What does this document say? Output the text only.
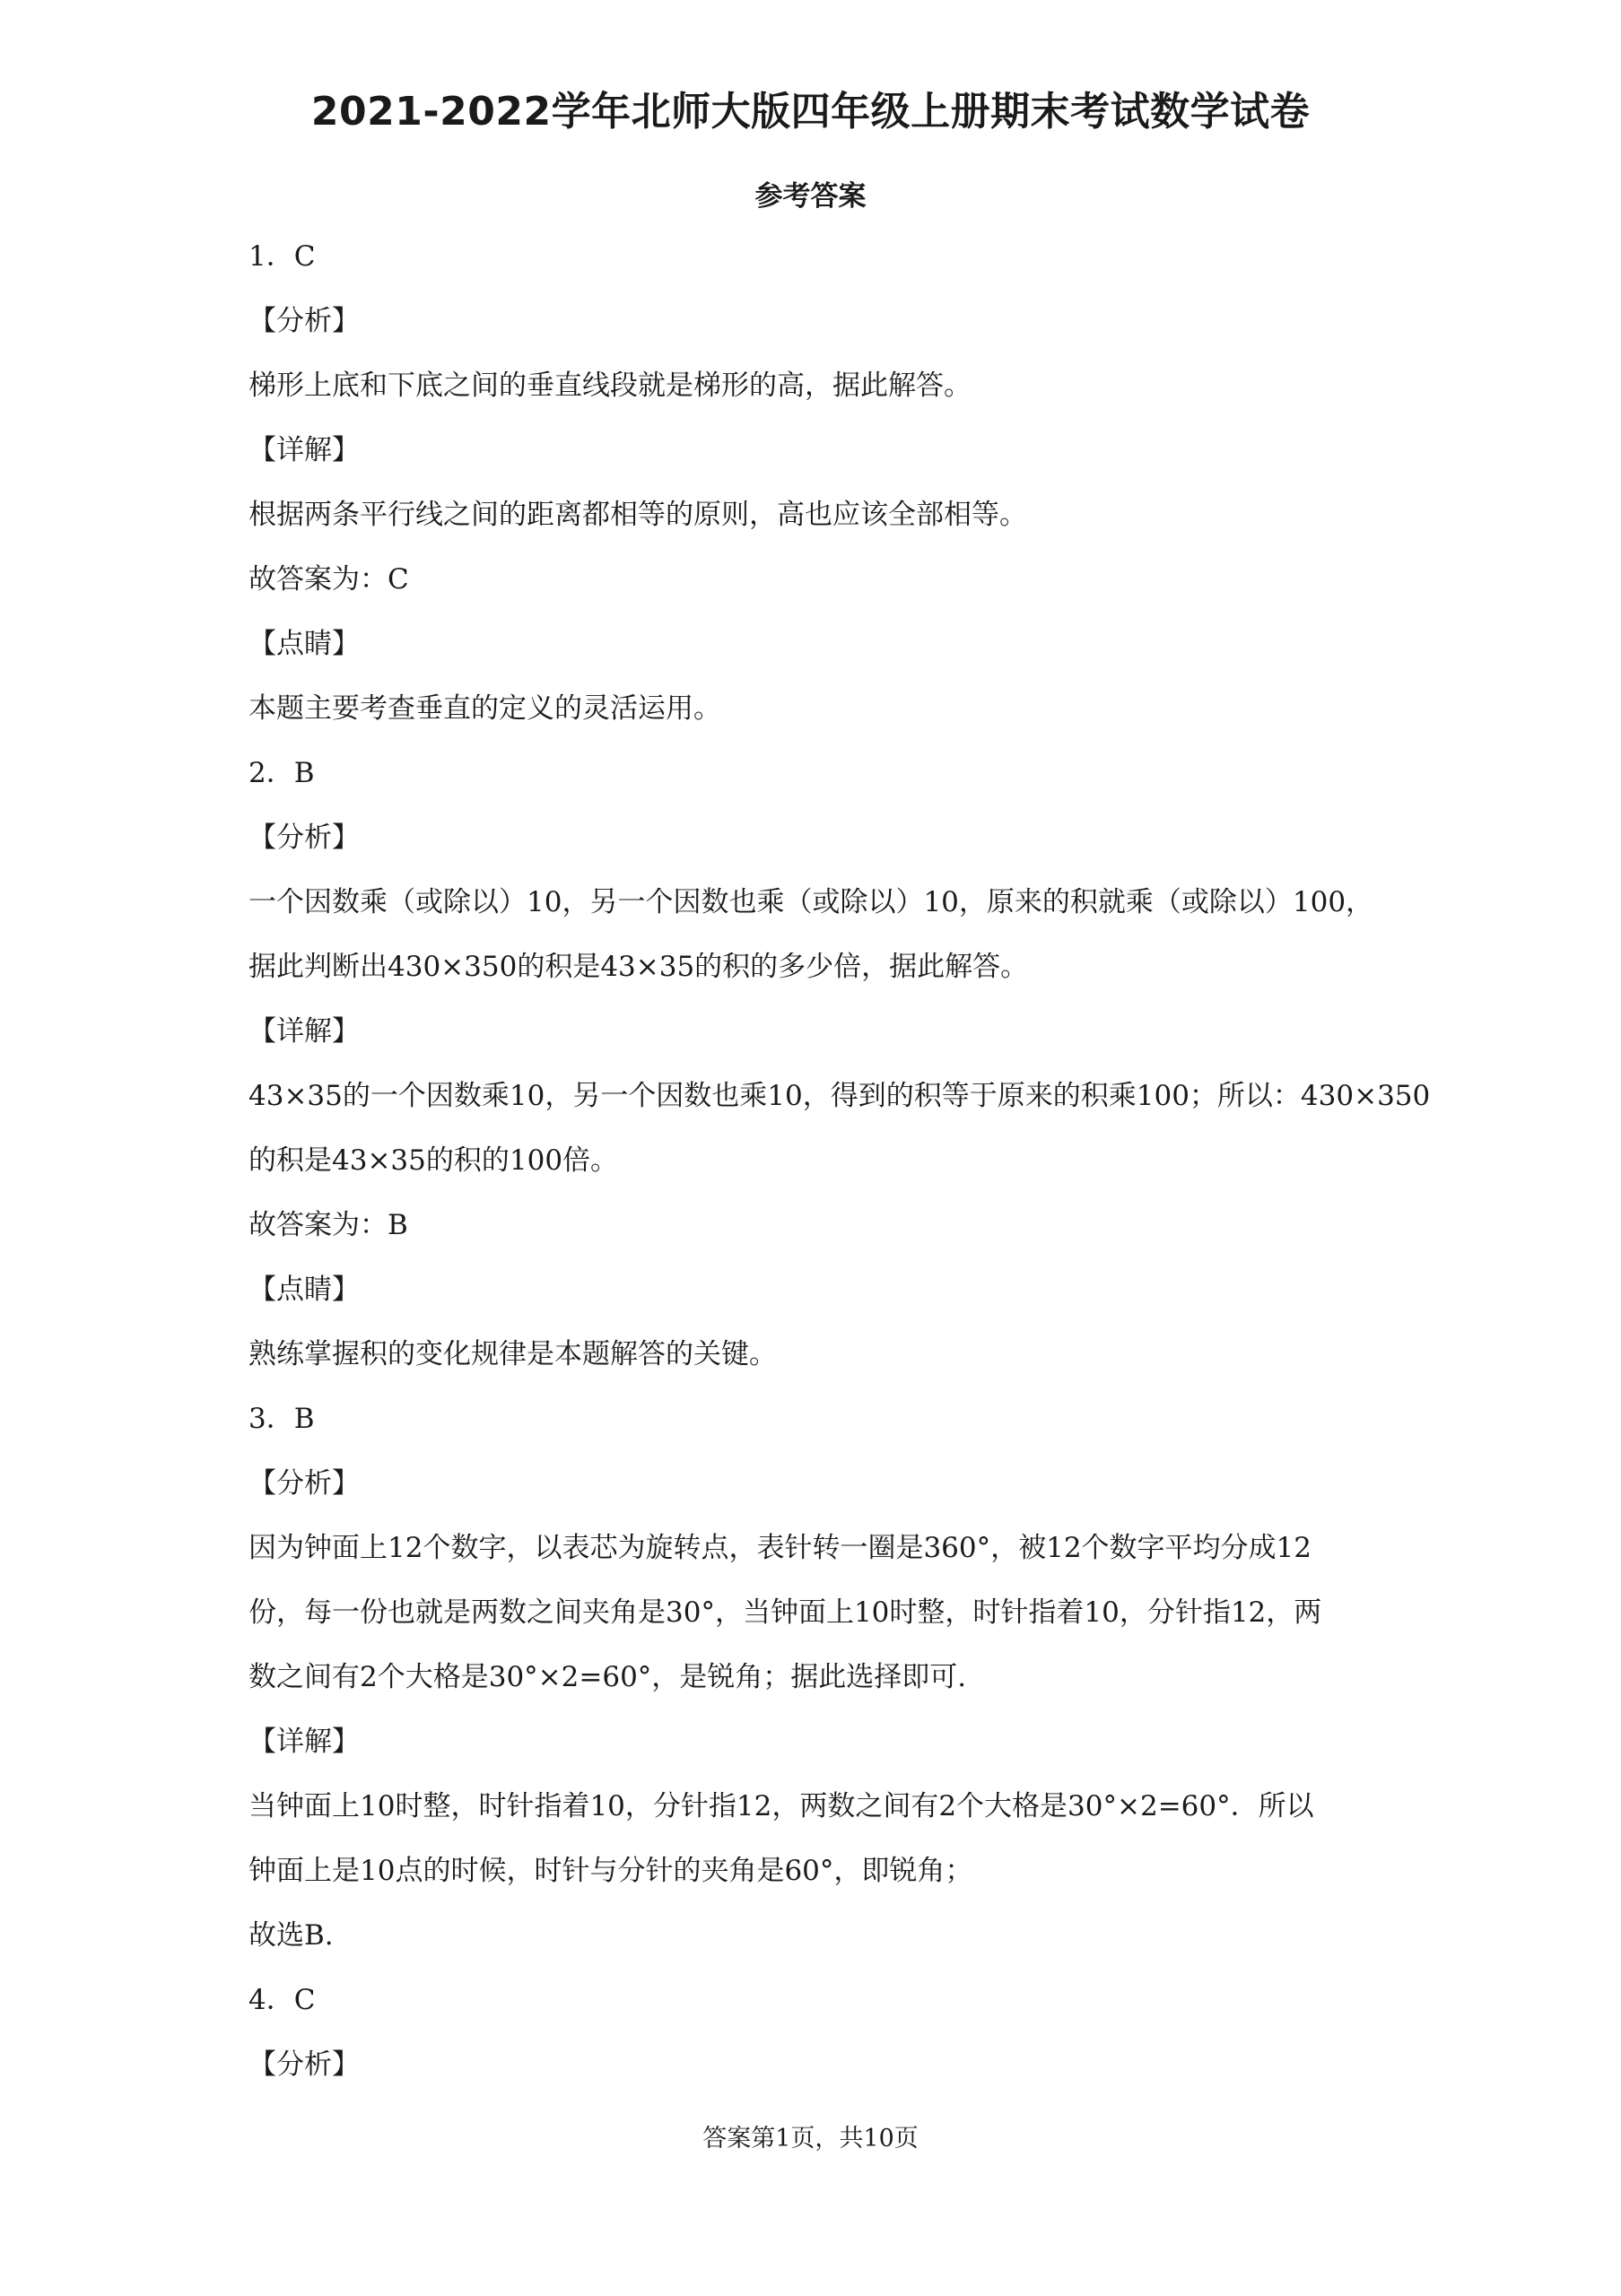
2021-2022学年北师大版四年级上册期末考试数学试卷
参考答案
1．C
【分析】
梯形上底和下底之间的垂直线段就是梯形的高，据此解答。
【详解】
根据两条平行线之间的距离都相等的原则，高也应该全部相等。
故答案为：C
【点睛】
本题主要考查垂直的定义的灵活运用。
2．B
【分析】
一个因数乘（或除以）10，另一个因数也乘（或除以）10，原来的积就乘（或除以）100，
据此判断出430×350的积是43×35的积的多少倍，据此解答。
【详解】
43×35的一个因数乘10，另一个因数也乘10，得到的积等于原来的积乘100；所以：430×350
的积是43×35的积的100倍。
故答案为：B
【点睛】
熟练掌握积的变化规律是本题解答的关键。
3．B
【分析】
因为钟面上12个数字，以表芯为旋转点，表针转一圈是360°，被12个数字平均分成12
份，每一份也就是两数之间夹角是30°，当钟面上10时整，时针指着10，分针指12，两
数之间有2个大格是30°×2=60°，是锐角；据此选择即可.
【详解】
当钟面上10时整，时针指着10，分针指12，两数之间有2个大格是30°×2=60°．所以
钟面上是10点的时候，时针与分针的夹角是60°，即锐角；
故选B.
4．C
【分析】
答案第1页，共10页
